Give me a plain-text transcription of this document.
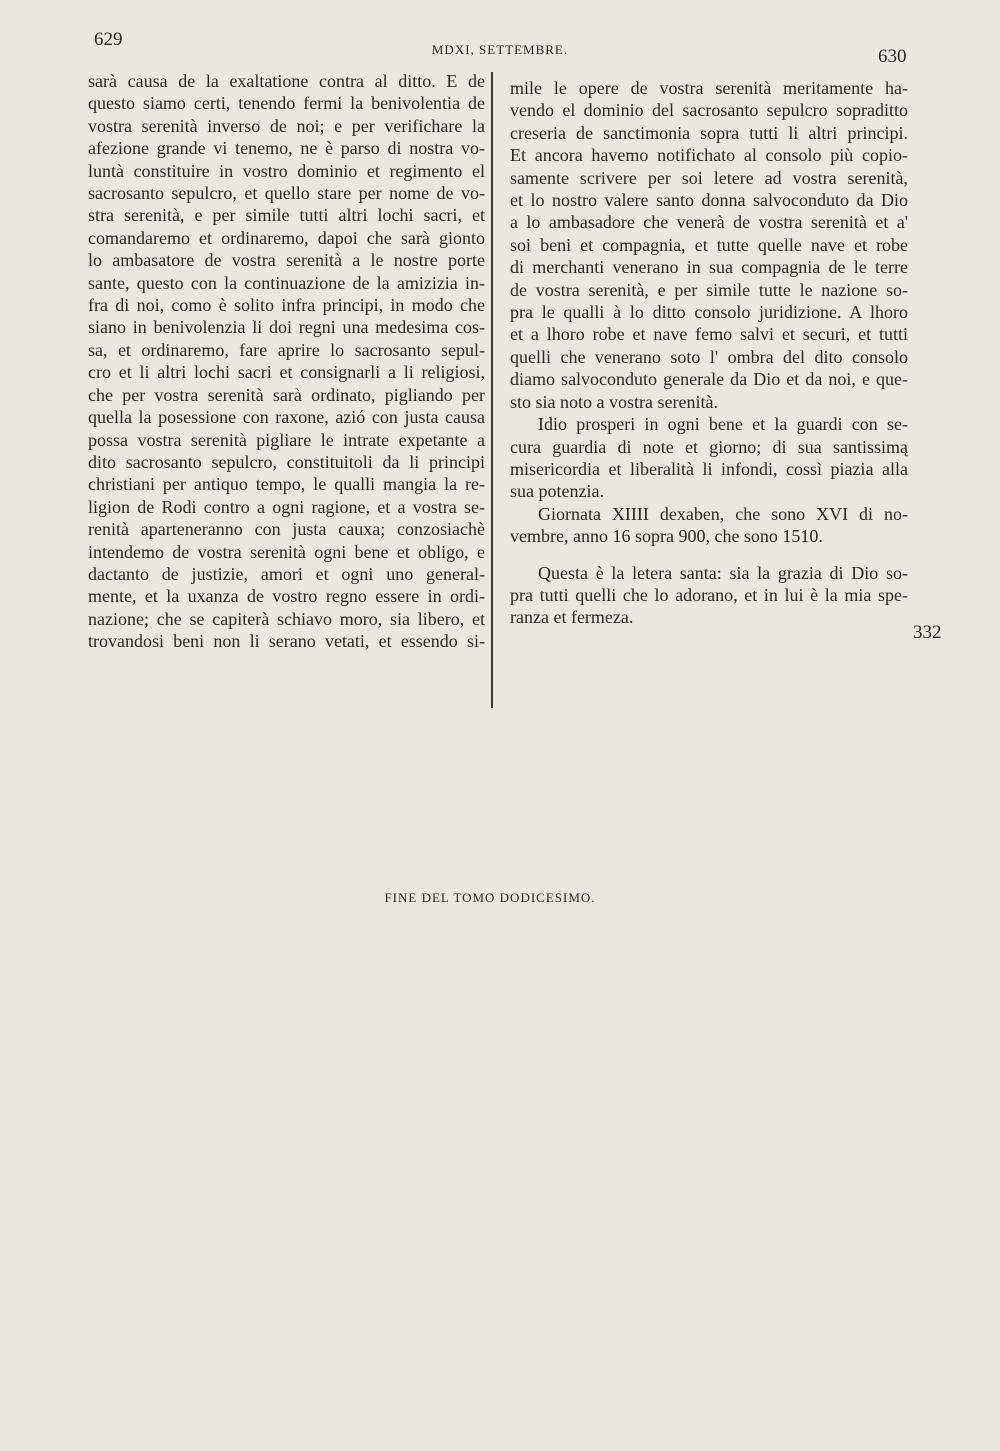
629	MDXI, SETTEMBRE.	630
sarà causa de la exaltatione contra al ditto. E de
questo siamo certi, tenendo fermi la benivolentia de
vostra serenità inverso de noi; e per verifichare la
afezione grande vi tenemo, ne è parso di nostra vo-
luntà constituire in vostro dominio et regimento el
sacrosanto sepulcro, et quello stare per nome de vo-
stra serenità, e per simile tutti altri lochi sacri, et
comandaremo et ordinaremo, dapoi che sarà gionto
lo ambasatore de vostra serenità a le nostre porte
sante, questo con la continuazione de la amizizia in-
fra di noi, como è solito infra principi, in modo che
siano in benivolenzia li doi regni una medesima cos-
sa, et ordinaremo, fare aprire lo sacrosanto sepul-
cro et li altri lochi sacri et consignarli a li religiosi,
che per vostra serenità sarà ordinato, pigliando per
quella la posessione con raxone, azió con justa causa
possa vostra serenità pigliare le intrate expetante a
dito sacrosanto sepulcro, constituitoli da li principi
christiani per antiquo tempo, le qualli mangia la re-
ligion de Rodi contro a ogni ragione, et a vostra se-
renità aparteneranno con justa cauxa; conzosiachè
intendemo de vostra serenità ogni bene et obligo, e
dactanto de justizie, amori et ogni uno general-
mente, et la uxanza de vostro regno essere in ordi-
nazione; che se capiterà schiavo moro, sia libero, et
trovandosi beni non li serano vetati, et essendo si-
mile le opere de vostra serenità meritamente ha-
vendo el dominio del sacrosanto sepulcro sopraditto
creseria de sanctimonia sopra tutti li altri principi.
Et ancora havemo notifichato al consolo più copio-
samente scrivere per soi letere ad vostra serenità,
et lo nostro valere santo donna salvoconduto da Dio
a lo ambasadore che venerà de vostra serenità et a'
soi beni et compagnia, et tutte quelle nave et robe
di merchanti venerano in sua compagnia de le terre
de vostra serenità, e per simile tutte le nazione so-
pra le qualli à lo ditto consolo juridizione. A lhoro
et a lhoro robe et nave femo salvi et securi, et tutti
quelli che venerano soto l' ombra del dito consolo
diamo salvoconduto generale da Dio et da noi, e que-
sto sia noto a vostra serenità.
Idio prosperi in ogni bene et la guardi con se-
cura guardia di note et giorno; di sua santissimą
misericordia et liberalità li infondi, cossì piazia alla
sua potenzia.
Giornata XIIII dexaben, che sono XVI di no-
vembre, anno 16 sopra 900, che sono 1510.
Questa è la letera santa: sia la grazia di Dio so-
pra tutti quelli che lo adorano, et in lui è la mia spe-
ranza et fermeza.
332
FINE DEL TOMO DODICESIMO.
